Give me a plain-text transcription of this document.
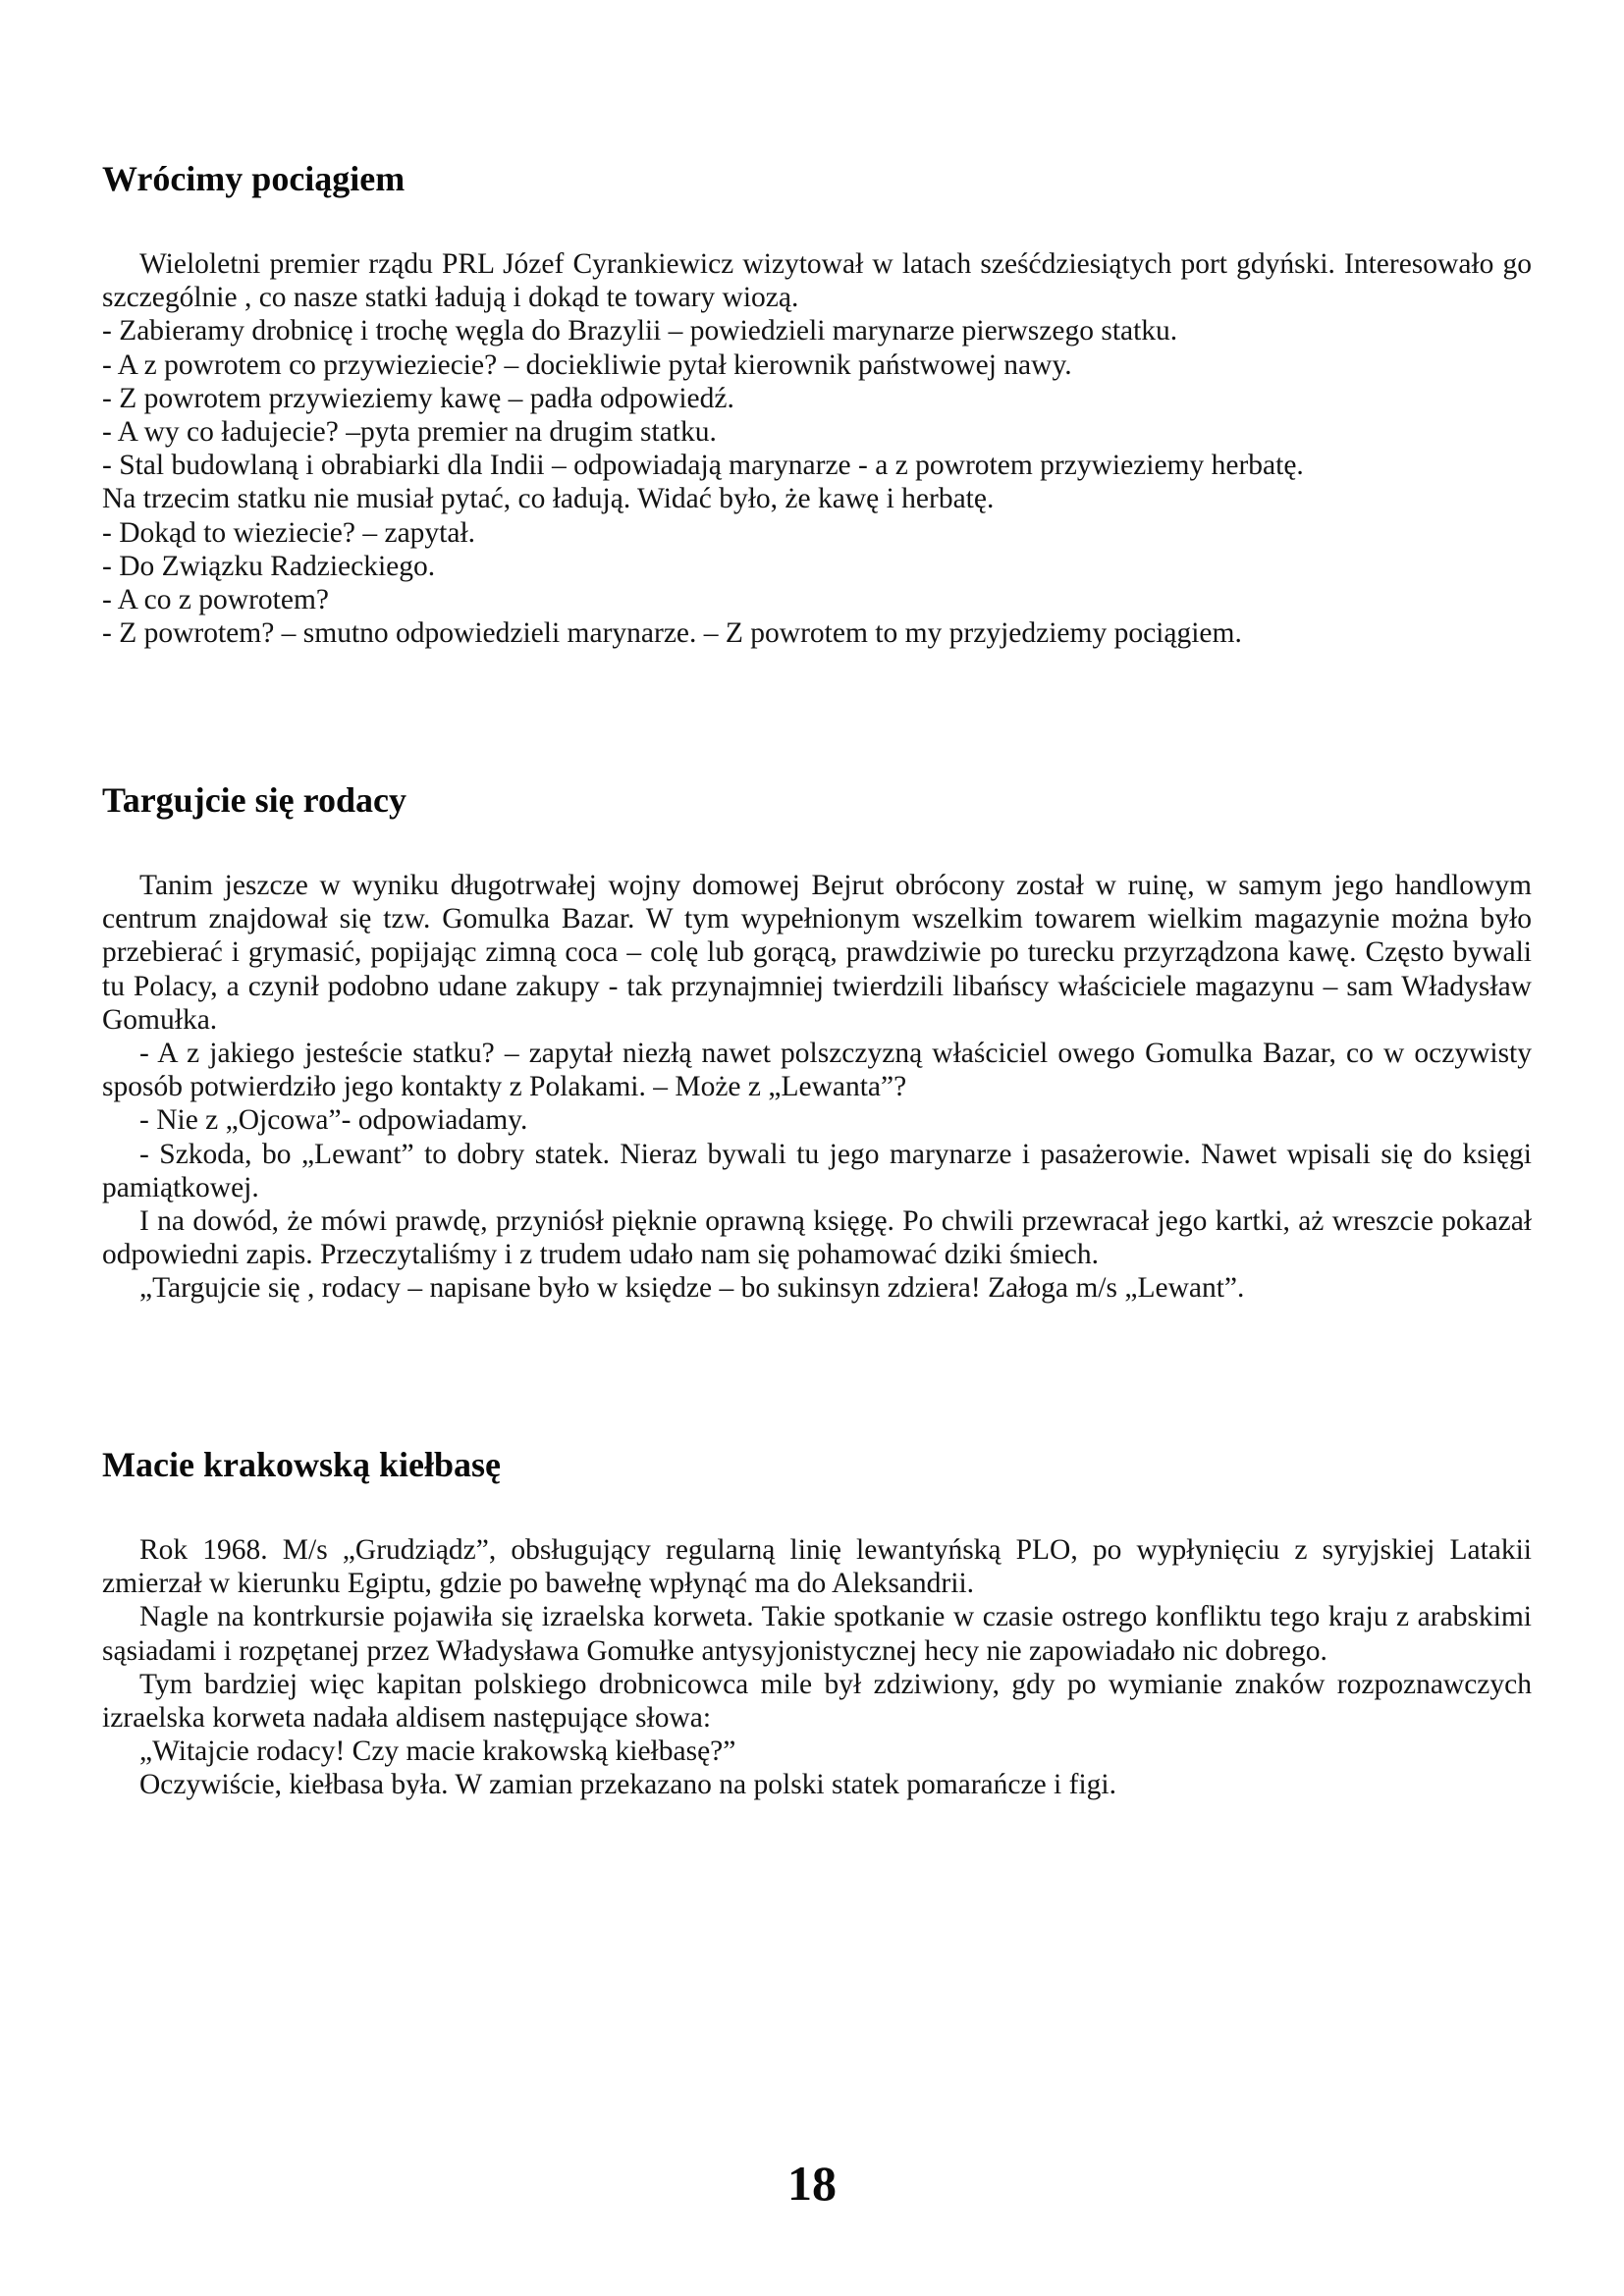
Wrócimy pociągiem

Wieloletni premier rządu PRL Józef Cyrankiewicz wizytował w latach sześćdziesiątych port gdyński. Interesowało go szczególnie , co nasze statki ładują i dokąd te towary wiozą.

- Zabieramy drobnicę i trochę węgla do Brazylii – powiedzieli marynarze pierwszego statku.

- A z powrotem co przywieziecie? – dociekliwie pytał kierownik państwowej nawy.

- Z powrotem przywieziemy kawę – padła odpowiedź.

- A wy co ładujecie? –pyta premier na drugim statku.

- Stal budowlaną i obrabiarki dla Indii – odpowiadają marynarze - a z powrotem przywieziemy herbatę.

Na trzecim statku nie musiał pytać, co ładują. Widać było, że kawę i herbatę.

- Dokąd to wieziecie? – zapytał.

- Do Związku Radzieckiego.

- A co z powrotem?

- Z powrotem? – smutno odpowiedzieli marynarze. – Z powrotem to my przyjedziemy pociągiem.

Targujcie się rodacy

Tanim jeszcze w wyniku długotrwałej wojny domowej Bejrut obrócony został w ruinę, w samym jego handlowym centrum znajdował się tzw. Gomulka Bazar. W tym wypełnionym wszelkim towarem wielkim magazynie można było przebierać i grymasić, popijając zimną coca – colę lub gorącą, prawdziwie po turecku przyrządzona kawę. Często bywali tu Polacy, a czynił podobno udane zakupy - tak przynajmniej twierdzili libańscy właściciele magazynu – sam Władysław Gomułka.

- A z jakiego jesteście statku? – zapytał niezłą nawet polszczyzną właściciel owego Gomulka Bazar, co w oczywisty sposób potwierdziło jego kontakty z Polakami. – Może z „Lewanta”?

- Nie z „Ojcowa”- odpowiadamy.

- Szkoda, bo „Lewant” to dobry statek. Nieraz bywali tu jego marynarze i pasażerowie. Nawet wpisali się do księgi pamiątkowej.

I na dowód, że mówi prawdę, przyniósł pięknie oprawną księgę. Po chwili przewracał jego kartki, aż wreszcie pokazał odpowiedni zapis. Przeczytaliśmy i z trudem udało nam się pohamować dziki śmiech.

„Targujcie się , rodacy – napisane było w księdze – bo sukinsyn zdziera! Załoga m/s „Lewant”.

Macie krakowską kiełbasę

Rok 1968. M/s „Grudziądz”, obsługujący regularną linię lewantyńską PLO, po wypłynięciu z syryjskiej Latakii zmierzał w kierunku Egiptu, gdzie po bawełnę wpłynąć ma do Aleksandrii.

Nagle na kontrkursie pojawiła się izraelska korweta. Takie spotkanie w czasie ostrego konfliktu tego kraju z arabskimi sąsiadami i rozpętanej przez Władysława Gomułke antysyjonistycznej hecy nie zapowiadało nic dobrego.

Tym bardziej więc kapitan polskiego drobnicowca mile był zdziwiony, gdy po wymianie znaków rozpoznawczych izraelska korweta nadała aldisem następujące słowa:

„Witajcie rodacy! Czy macie krakowską kiełbasę?”

Oczywiście, kiełbasa była. W zamian przekazano na polski statek pomarańcze i figi.

18
